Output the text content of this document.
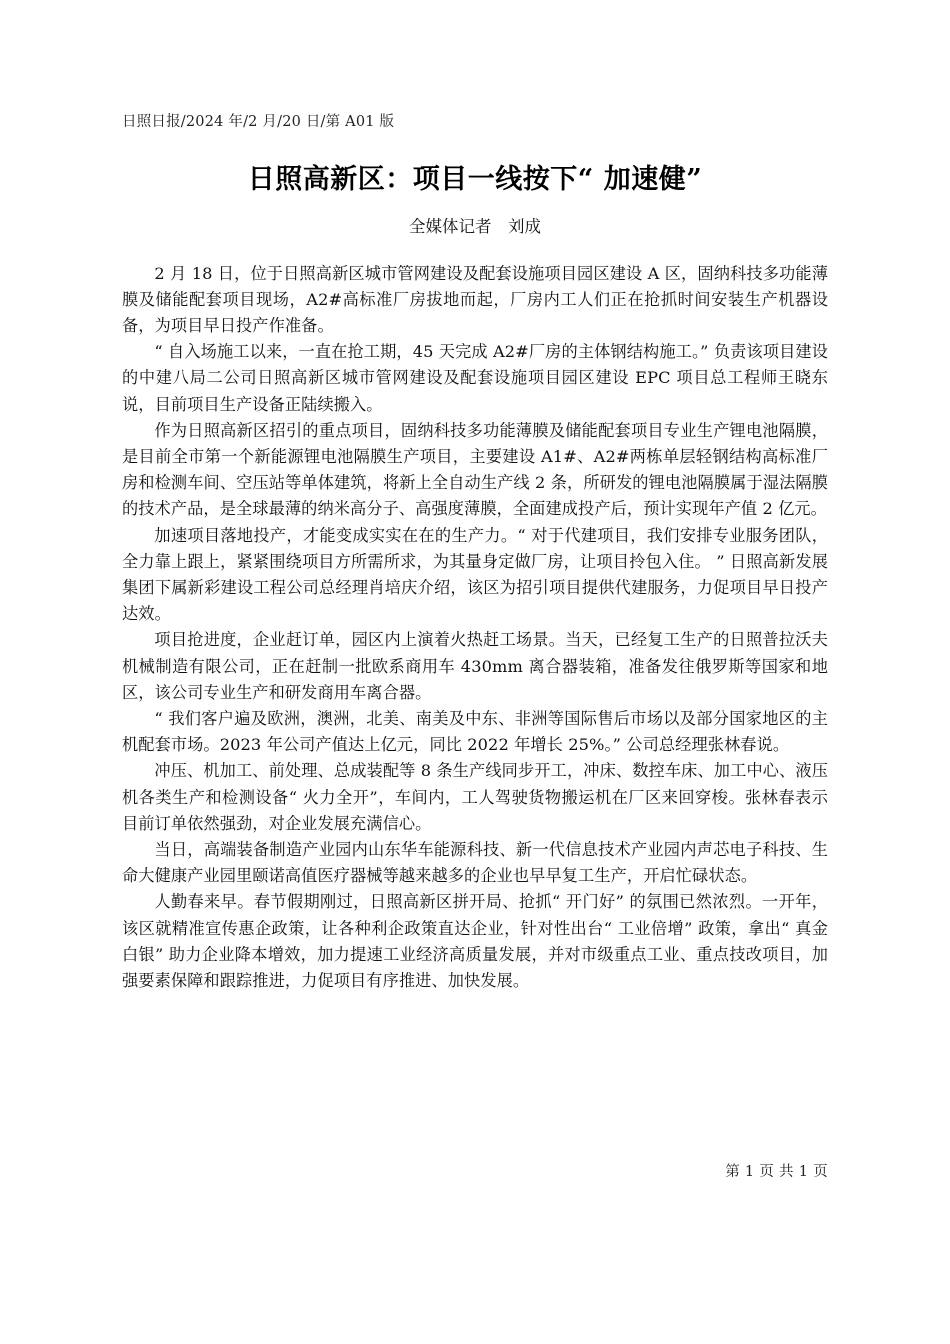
日照日报/2024 年/2 月/20 日/第 A01 版
日照高新区：项目一线按下“ 加速健”
全媒体记者　刘成

2 月 18 日，位于日照高新区城市管网建设及配套设施项目园区建设 A 区，固纳科技多功能薄膜及储能配套项目现场，A2#高标准厂房拔地而起，厂房内工人们正在抢抓时间安装生产机器设备，为项目早日投产作准备。

“ 自入场施工以来，一直在抢工期，45 天完成 A2#厂房的主体钢结构施工。” 负责该项目建设的中建八局二公司日照高新区城市管网建设及配套设施项目园区建设 EPC 项目总工程师王晓东说，目前项目生产设备正陆续搬入。

作为日照高新区招引的重点项目，固纳科技多功能薄膜及储能配套项目专业生产锂电池隔膜，是目前全市第一个新能源锂电池隔膜生产项目，主要建设 A1#、A2#两栋单层轻钢结构高标准厂房和检测车间、空压站等单体建筑，将新上全自动生产线 2 条，所研发的锂电池隔膜属于湿法隔膜的技术产品，是全球最薄的纳米高分子、高强度薄膜，全面建成投产后，预计实现年产值 2 亿元。

加速项目落地投产，才能变成实实在在的生产力。“ 对于代建项目，我们安排专业服务团队，全力靠上跟上，紧紧围绕项目方所需所求，为其量身定做厂房，让项目拎包入住。 ” 日照高新发展集团下属新彩建设工程公司总经理肖培庆介绍，该区为招引项目提供代建服务，力促项目早日投产达效。

项目抢进度，企业赶订单，园区内上演着火热赶工场景。当天，已经复工生产的日照普拉沃夫机械制造有限公司，正在赶制一批欧系商用车 430mm 离合器装箱，准备发往俄罗斯等国家和地区，该公司专业生产和研发商用车离合器。

“ 我们客户遍及欧洲，澳洲，北美、南美及中东、非洲等国际售后市场以及部分国家地区的主机配套市场。2023 年公司产值达上亿元，同比 2022 年增长 25%。” 公司总经理张林春说。

冲压、机加工、前处理、总成装配等 8 条生产线同步开工，冲床、数控车床、加工中心、液压机各类生产和检测设备“ 火力全开”，车间内，工人驾驶货物搬运机在厂区来回穿梭。张林春表示目前订单依然强劲，对企业发展充满信心。

当日，高端装备制造产业园内山东华车能源科技、新一代信息技术产业园内声芯电子科技、生命大健康产业园里颐诺高值医疗器械等越来越多的企业也早早复工生产，开启忙碌状态。

人勤春来早。春节假期刚过，日照高新区拼开局、抢抓“ 开门好” 的氛围已然浓烈。一开年，该区就精准宣传惠企政策，让各种利企政策直达企业，针对性出台“ 工业倍增” 政策，拿出“ 真金白银” 助力企业降本增效，加力提速工业经济高质量发展，并对市级重点工业、重点技改项目，加强要素保障和跟踪推进，力促项目有序推进、加快发展。

第 1 页 共 1 页
